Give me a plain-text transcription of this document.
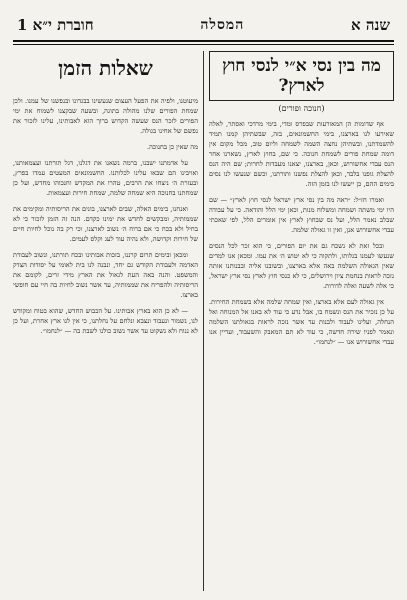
שנה א
המסלה
חוברת י״א 1
מה בין נסי א״י לנסי חוץ לארץ?
(חנוכה ופורים)

אף שדומות הן המאורעות שבפרס ומדי, בימי מרדכי ואסתר, לאלה שאירעו לנו בארצנו, בימי החשמונאים, בזה, שבשתיהן קמנו תמיד להשמדתנו, ובשתיהן נחצה השמה לשמחה וליום טוב, מכל מקום אין דומה שמחת פורים לשמחת חנוכה. כי שם, בחוץ לארץ, נשארנו אחר הנס עבדי אחשורוש, וכאן, בארצנו, יצאנו מעבדות לחרות; שם היה הנס להצלת גופנו בלבד, וכאן להצלת נפשנו ותורתנו, וכשם שנעשו לנו נסים בימים ההם, כן ייעשו לנו בזמן הזה.

ואמרו חז״ל: ״ראה מה בין נסי ארץ ישראל לנסי חוץ לארץ״ — שם היו ימי משתה ושמחה ומשלוח מנות, וכאן ימי הלל והודאה. כי על עבודה שבלב נאמר הלל, ועל נס שבחוץ לארץ אין אומרים הלל, לפי שאכתי עבדי אחשורוש אנן, ואין זו גאולה שלמה.

ובכל זאת לא נשכח גם את יום הפורים, כי הוא זכר לכל הנסים שנעשו לעמנו בגלותו, ולתקוה כי לא יטוש ה׳ את עמו. ומכאן אנו למדים שאין הגאולה השלמה באה אלא בארצנו, ובשובנו אליה ובבנותנו אותה נזכה לראות בנחמת ציון וירושלים, כי לא כנסי חוץ לארץ נסי ארץ ישראל, כי אלה לשעה ואלה לדורות.

אין גאולה לעם אלא בארצו, ואין שמחה שלמה אלא בשמחת החירות. על כן נזכיר את הנס ונשמח בו, אבל נדע כי עוד לא באנו אל המנוחה ואל הנחלה, ועלינו לעבוד ולבנות עד אשר נזכה לראות בגאולתנו השלמה ונאמר לפניו שירה חדשה, כי עוד לא תם המאבק והשעבוד, ועדיין אנו עבדי אחשורוש אנו — ״לנחמו״.

שאלות הזמן

מיעוטנו, ולפיה את הפעל העצום שנעשינו בבגדונו ובנפשנו של עמנו. ולכן שמחת הפורים שלנו מהולה בתוגה, ובשעה שבקצנו לשמוח את ימי הפורים לזכר הנס שעשה הקדוש ברוך הוא לאבותינו, עלינו לזכור את נפשם של אחינו בגולה.

מה שאין כן בחנוכה.

על אדמתנו ישבנו, ברמה נשאנו את דגלנו, דגל תורתנו ועצמאותנו, ואויבינו הם שבאו עלינו לכלותנו. החשמונאים המעטים עמדו בפרץ, ובעזרת ה׳ ניצחו את הרבים, טהרו את המקדש וחנכוהו מחדש, ועל כן שמחתנו בחנוכה היא שמחה שלמה, שמחת חירות ועצמאות.

ואנחנו, בימים האלה, שבים לארצנו, בונים את הריסותיה ומקימים את שממותיה, ומבקשים לחדש את ימינו כקדם. הנה זה הזמן לזכור כי לא בחיל ולא בכח כי אם ברוח ה׳ נשוב לארצנו, וכי רק בה נוכל לחיות חיים של חירות וקדושה, ולא נהיה עוד לעג וקלס לעמים.

ומכאן ובימים תרום קרננו, בזכות אבותינו ובכח תורתנו, ונשוב לעבודת האדמה ולעבודת הקודש גם יחד, ונבנה לנו בית לאומי על יסודות הצדק והמשפט. והנה באה העת לגאול את הארץ מידי זרים, לקומם את הריסותיה ולהפריח את שממותיה, עד אשר נשוב לחיות בה חיי עם חופשי בארצו.

— לא כן הוא בארץ אבותינו. על הכבוש החדש, שהוא בטוח ומקודש לנו, נשמור ונעבוד ונצבא ונלחם על נחלתנו, כי אין לנו ארץ אחרת, ועל כן לא ננוח ולא נשקוט עד אשר נשוב כולנו לשבת בה — ״לנחמו״.
